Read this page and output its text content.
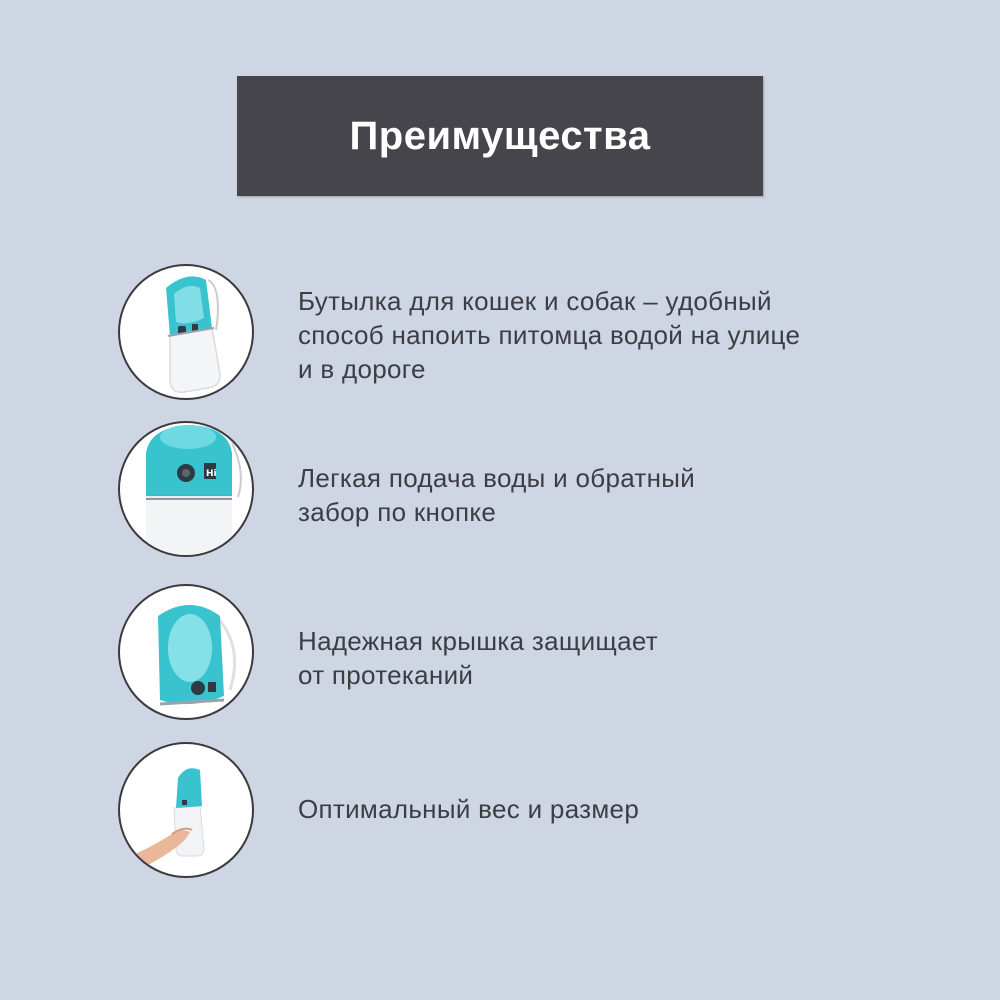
Преимущества
Бутылка для кошек и собак – удобный
способ напоить питомца водой на улице
и в дороге
Hi	Легкая подача воды и обратный
забор по кнопке
Надежная крышка защищает
от протеканий
Оптимальный вес и размер
